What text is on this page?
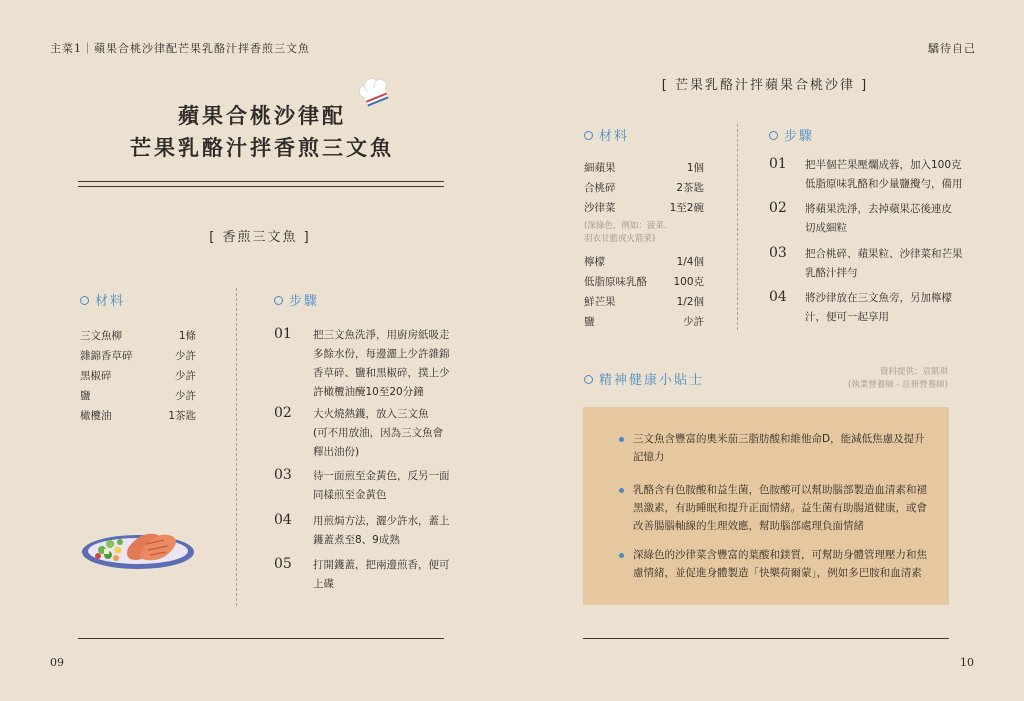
主菜1｜蘋果合桃沙律配芒果乳酪汁拌香煎三文魚
蘋果合桃沙律配
芒果乳酪汁拌香煎三文魚
[ 香煎三文魚 ]
材料	步驟
三文魚柳	1條
雜錦香草碎	少許
黑椒碎	少許
鹽	少許
橄欖油	1茶匙
01 把三文魚洗淨，用廚房紙吸走
多餘水份，每邊灑上少許雜錦
香草碎、鹽和黑椒碎，撲上少
許橄欖油醃10至20分鐘
02 大火燒熱鑊，放入三文魚
(可不用放油，因為三文魚會
釋出油份)
03 待一面煎至金黃色，反另一面
同樣煎至金黃色
04 用煎焗方法，灑少許水，蓋上
鑊蓋煮至8、9成熟
05 打開鑊蓋，把兩邊煎香，便可
上碟
09
驕待自己
[ 芒果乳酪汁拌蘋果合桃沙律 ]
材料	步驟
細蘋果	1個
合桃碎	2茶匙
沙律菜	1至2碗
(深綠色，例如：菠菜、
羽衣甘藍或火箭菜)
檸檬	1/4個
低脂原味乳酪	100克
鮮芒果	1/2個
鹽	少許
01 把半個芒果壓爛成蓉，加入100克
低脂原味乳酪和少量鹽攪勻，備用
02 將蘋果洗淨，去掉蘋果芯後連皮
切成細粒
03 把合桃碎、蘋果粒、沙律菜和芒果
乳酪汁拌勻
04 將沙律放在三文魚旁，另加檸檬
汁，便可一起享用
精神健康小貼士
資料提供：袁凱琪
(執業營養師 - 註冊營養師)
三文魚含豐富的奧米茄三脂肪酸和維他命D，能減低焦慮及提升
記憶力
乳酪含有色胺酸和益生菌，色胺酸可以幫助腦部製造血清素和褪
黑激素，有助睡眠和提升正面情緒。益生菌有助腸道健康，或會
改善腸腦軸線的生理效應，幫助腦部處理負面情緒
深綠色的沙律菜含豐富的葉酸和鎂質，可幫助身體管理壓力和焦
慮情緒，並促進身體製造「快樂荷爾蒙」，例如多巴胺和血清素
10
